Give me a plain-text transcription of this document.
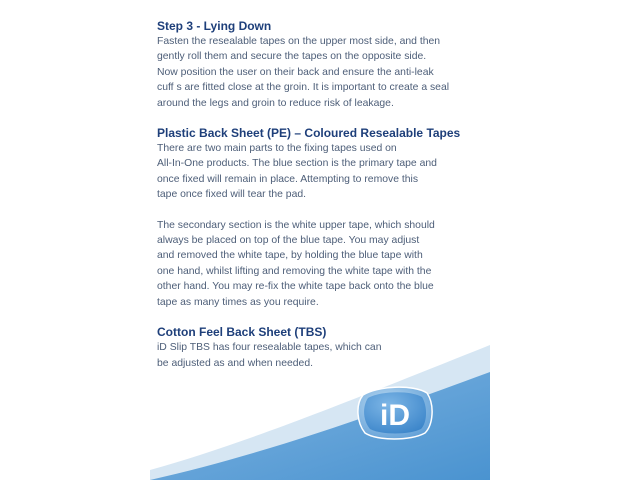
Step 3 - Lying Down

Fasten the resealable tapes on the upper most side, and then
gently roll them and secure the tapes on the opposite side.
Now position the user on their back and ensure the anti-leak
cuff s are fitted close at the groin. It is important to create a seal
around the legs and groin to reduce risk of leakage.

Plastic Back Sheet (PE) – Coloured Resealable Tapes

There are two main parts to the fixing tapes used on
All-In-One products. The blue section is the primary tape and
once fixed will remain in place. Attempting to remove this
tape once fixed will tear the pad.

The secondary section is the white upper tape, which should
always be placed on top of the blue tape. You may adjust
and removed the white tape, by holding the blue tape with
one hand, whilst lifting and removing the white tape with the
other hand. You may re-fix the white tape back onto the blue
tape as many times as you require.

Cotton Feel Back Sheet (TBS)

iD Slip TBS has four resealable tapes, which can
be adjusted as and when needed.

iD
